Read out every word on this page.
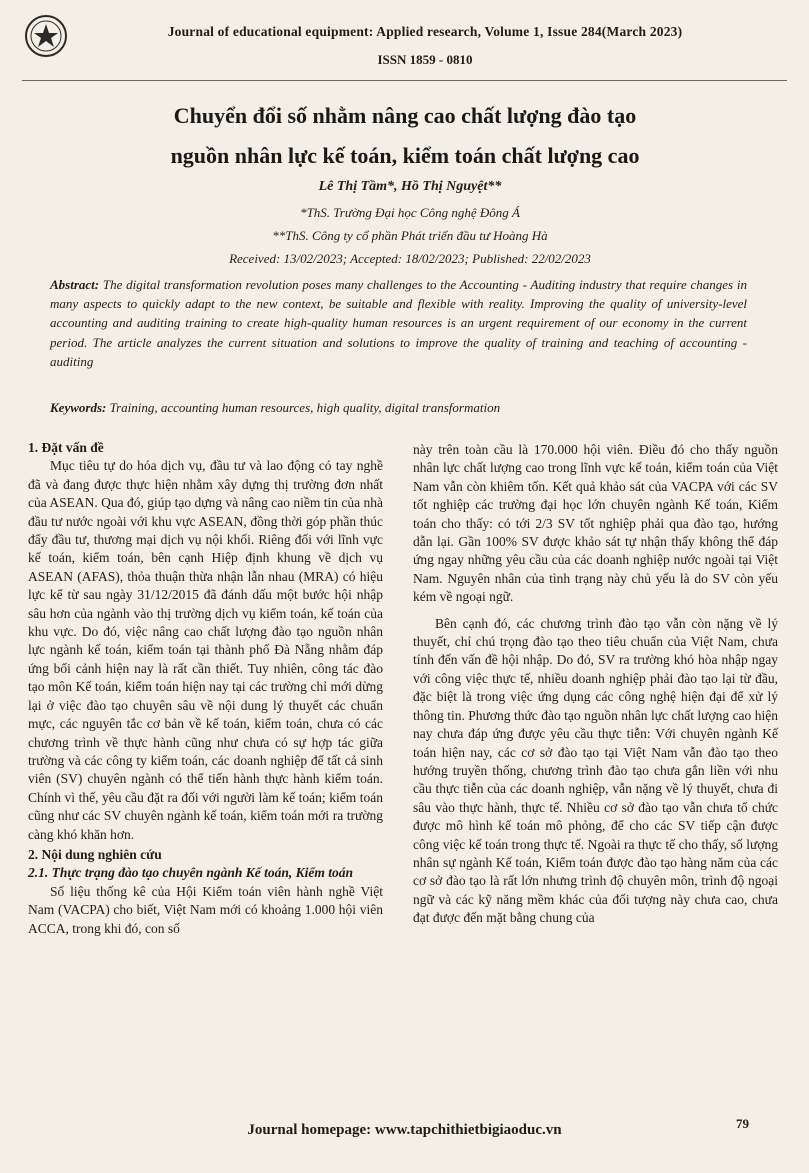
Journal of educational equipment: Applied research, Volume 1, Issue 284(March 2023)
ISSN 1859 - 0810
Chuyển đổi số nhằm nâng cao chất lượng đào tạo
nguồn nhân lực kế toán, kiểm toán chất lượng cao
Lê Thị Tầm*, Hồ Thị Nguyệt**
*ThS. Trường Đại học Công nghệ Đông Á
**ThS. Công ty cổ phần Phát triển đầu tư Hoàng Hà
Received: 13/02/2023; Accepted: 18/02/2023; Published: 22/02/2023
Abstract: The digital transformation revolution poses many challenges to the Accounting - Auditing industry that require changes in many aspects to quickly adapt to the new context, be suitable and flexible with reality. Improving the quality of university-level accounting and auditing training to create high-quality human resources is an urgent requirement of our economy in the current period. The article analyzes the current situation and solutions to improve the quality of training and teaching of accounting - auditing
Keywords: Training, accounting human resources, high quality, digital transformation
1. Đặt vấn đề

Mục tiêu tự do hóa dịch vụ, đầu tư và lao động có tay nghề đã và đang được thực hiện nhằm xây dựng thị trường đơn nhất của ASEAN. Qua đó, giúp tạo dựng và nâng cao niềm tin của nhà đầu tư nước ngoài với khu vực ASEAN, đồng thời góp phần thúc đẩy đầu tư, thương mại dịch vụ nội khối. Riêng đối với lĩnh vực kế toán, kiểm toán, bên cạnh Hiệp định khung về dịch vụ ASEAN (AFAS), thỏa thuận thừa nhận lẫn nhau (MRA) có hiệu lực kể từ sau ngày 31/12/2015 đã đánh dấu một bước hội nhập sâu hơn của ngành vào thị trường dịch vụ kiểm toán, kế toán của khu vực. Do đó, việc nâng cao chất lượng đào tạo nguồn nhân lực ngành kế toán, kiểm toán tại thành phố Đà Nẵng nhằm đáp ứng bối cảnh hiện nay là rất cần thiết. Tuy nhiên, công tác đào tạo môn Kế toán, kiểm toán hiện nay tại các trường chỉ mới dừng lại ở việc đào tạo chuyên sâu về nội dung lý thuyết các chuẩn mực, các nguyên tắc cơ bản về kế toán, kiểm toán, chưa có các chương trình về thực hành cũng như chưa có sự hợp tác giữa trường và các công ty kiểm toán, các doanh nghiệp để tất cả sinh viên (SV) chuyên ngành có thể tiến hành thực hành kiểm toán. Chính vì thế, yêu cầu đặt ra đối với người làm kế toán; kiểm toán cũng như các SV chuyên ngành kế toán, kiểm toán mới ra trường càng khó khăn hơn.

2. Nội dung nghiên cứu
2.1. Thực trạng đào tạo chuyên ngành Kế toán, Kiểm toán

Số liệu thống kê của Hội Kiểm toán viên hành nghề Việt Nam (VACPA) cho biết, Việt Nam mới có khoảng 1.000 hội viên ACCA, trong khi đó, con số

này trên toàn cầu là 170.000 hội viên. Điều đó cho thấy nguồn nhân lực chất lượng cao trong lĩnh vực kế toán, kiểm toán của Việt Nam vẫn còn khiêm tốn. Kết quả khảo sát của VACPA với các SV tốt nghiệp các trường đại học lớn chuyên ngành Kế toán, Kiểm toán cho thấy: có tới 2/3 SV tốt nghiệp phải qua đào tạo, hướng dẫn lại. Gần 100% SV được khảo sát tự nhận thấy không thể đáp ứng ngay những yêu cầu của các doanh nghiệp nước ngoài tại Việt Nam. Nguyên nhân của tình trạng này chủ yếu là do SV còn yếu kém về ngoại ngữ.

Bên cạnh đó, các chương trình đào tạo vẫn còn nặng về lý thuyết, chỉ chú trọng đào tạo theo tiêu chuẩn của Việt Nam, chưa tính đến vấn đề hội nhập. Do đó, SV ra trường khó hòa nhập ngay với công việc thực tế, nhiều doanh nghiệp phải đào tạo lại từ đầu, đặc biệt là trong việc ứng dụng các công nghệ hiện đại để xử lý thông tin. Phương thức đào tạo nguồn nhân lực chất lượng cao hiện nay chưa đáp ứng được yêu cầu thực tiễn: Với chuyên ngành Kế toán hiện nay, các cơ sở đào tạo tại Việt Nam vẫn đào tạo theo hướng truyền thống, chương trình đào tạo chưa gắn liền với nhu cầu thực tiễn của các doanh nghiệp, vẫn nặng về lý thuyết, chưa đi sâu vào thực hành, thực tế. Nhiều cơ sở đào tạo vẫn chưa tổ chức được mô hình kế toán mô phỏng, để cho các SV tiếp cận được công việc kế toán trong thực tế. Ngoài ra thực tế cho thấy, số lượng nhân sự ngành Kế toán, Kiểm toán được đào tạo hàng năm của các cơ sở đào tạo là rất lớn nhưng trình độ chuyên môn, trình độ ngoại ngữ và các kỹ năng mềm khác của đối tượng này chưa cao, chưa đạt được đến mặt bằng chung của

Journal homepage: www.tapchithietbigiaoduc.vn	79
